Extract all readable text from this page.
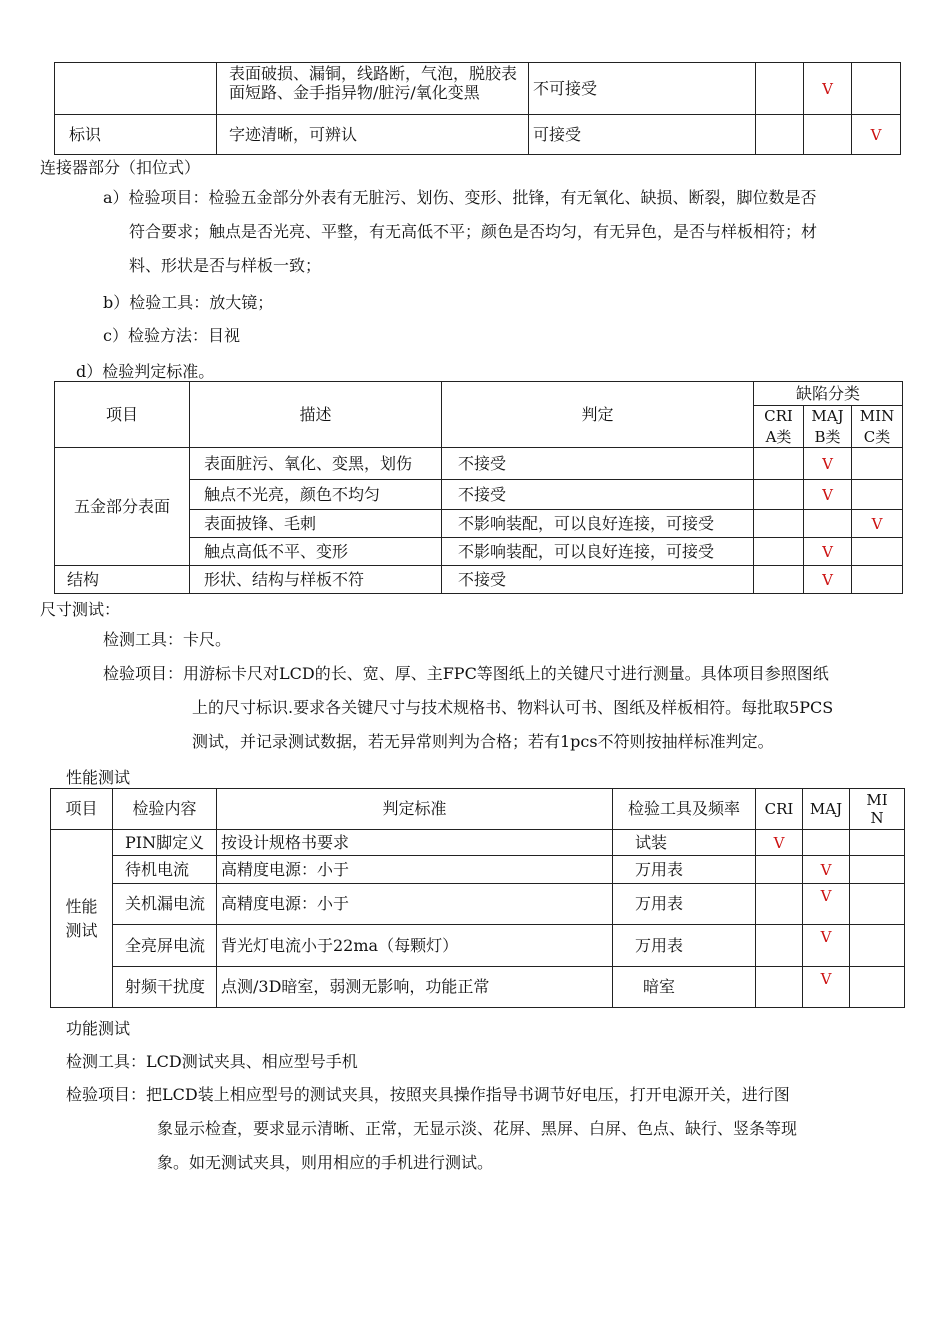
	表面破损、漏铜，线路断，气泡，脱胶表面短路、金手指异物/脏污/氧化变黑	不可接受		V	
标识	字迹清晰，可辨认	可接受			V
连接器部分（扣位式）
a）检验项目：检验五金部分外表有无脏污、划伤、变形、批锋，有无氧化、缺损、断裂，脚位数是否
符合要求；触点是否光亮、平整，有无高低不平；颜色是否均匀，有无异色，是否与样板相符；材
料、形状是否与样板一致；
b）检验工具：放大镜；
c）检验方法：目视
d）检验判定标准。
项目	描述	判定	缺陷分类		
			CRI	MAJ	MIN
			A类	B类	C类
五金部分表面	表面脏污、氧化、变黑，划伤	不接受		V	
	触点不光亮，颜色不均匀	不接受		V	
	表面披锋、毛刺	不影响装配，可以良好连接，可接受			V
	触点高低不平、变形	不影响装配，可以良好连接，可接受		V	
结构	形状、结构与样板不符	不接受		V	
尺寸测试：
检测工具：卡尺。
检验项目：用游标卡尺对LCD的长、宽、厚、主FPC等图纸上的关键尺寸进行测量。具体项目参照图纸
上的尺寸标识.要求各关键尺寸与技术规格书、物料认可书、图纸及样板相符。每批取5PCS
测试，并记录测试数据，若无异常则判为合格；若有1pcs不符则按抽样标准判定。
性能测试
项目	检验内容	判定标准	检验工具及频率	CRI	MAJ	MI
N

性能测试	PIN脚定义	按设计规格书要求	试装	V		
	待机电流	高精度电源：小于	万用表		V	
	关机漏电流	高精度电源：小于	万用表		V	
	全亮屏电流	背光灯电流小于22ma（每颗灯）	万用表		V	
	射频干扰度	点测/3D暗室，弱测无影响，功能正常	暗室		V	
功能测试
检测工具：LCD测试夹具、相应型号手机
检验项目：把LCD装上相应型号的测试夹具，按照夹具操作指导书调节好电压，打开电源开关，进行图
象显示检查，要求显示清晰、正常，无显示淡、花屏、黑屏、白屏、色点、缺行、竖条等现
象。如无测试夹具，则用相应的手机进行测试。
